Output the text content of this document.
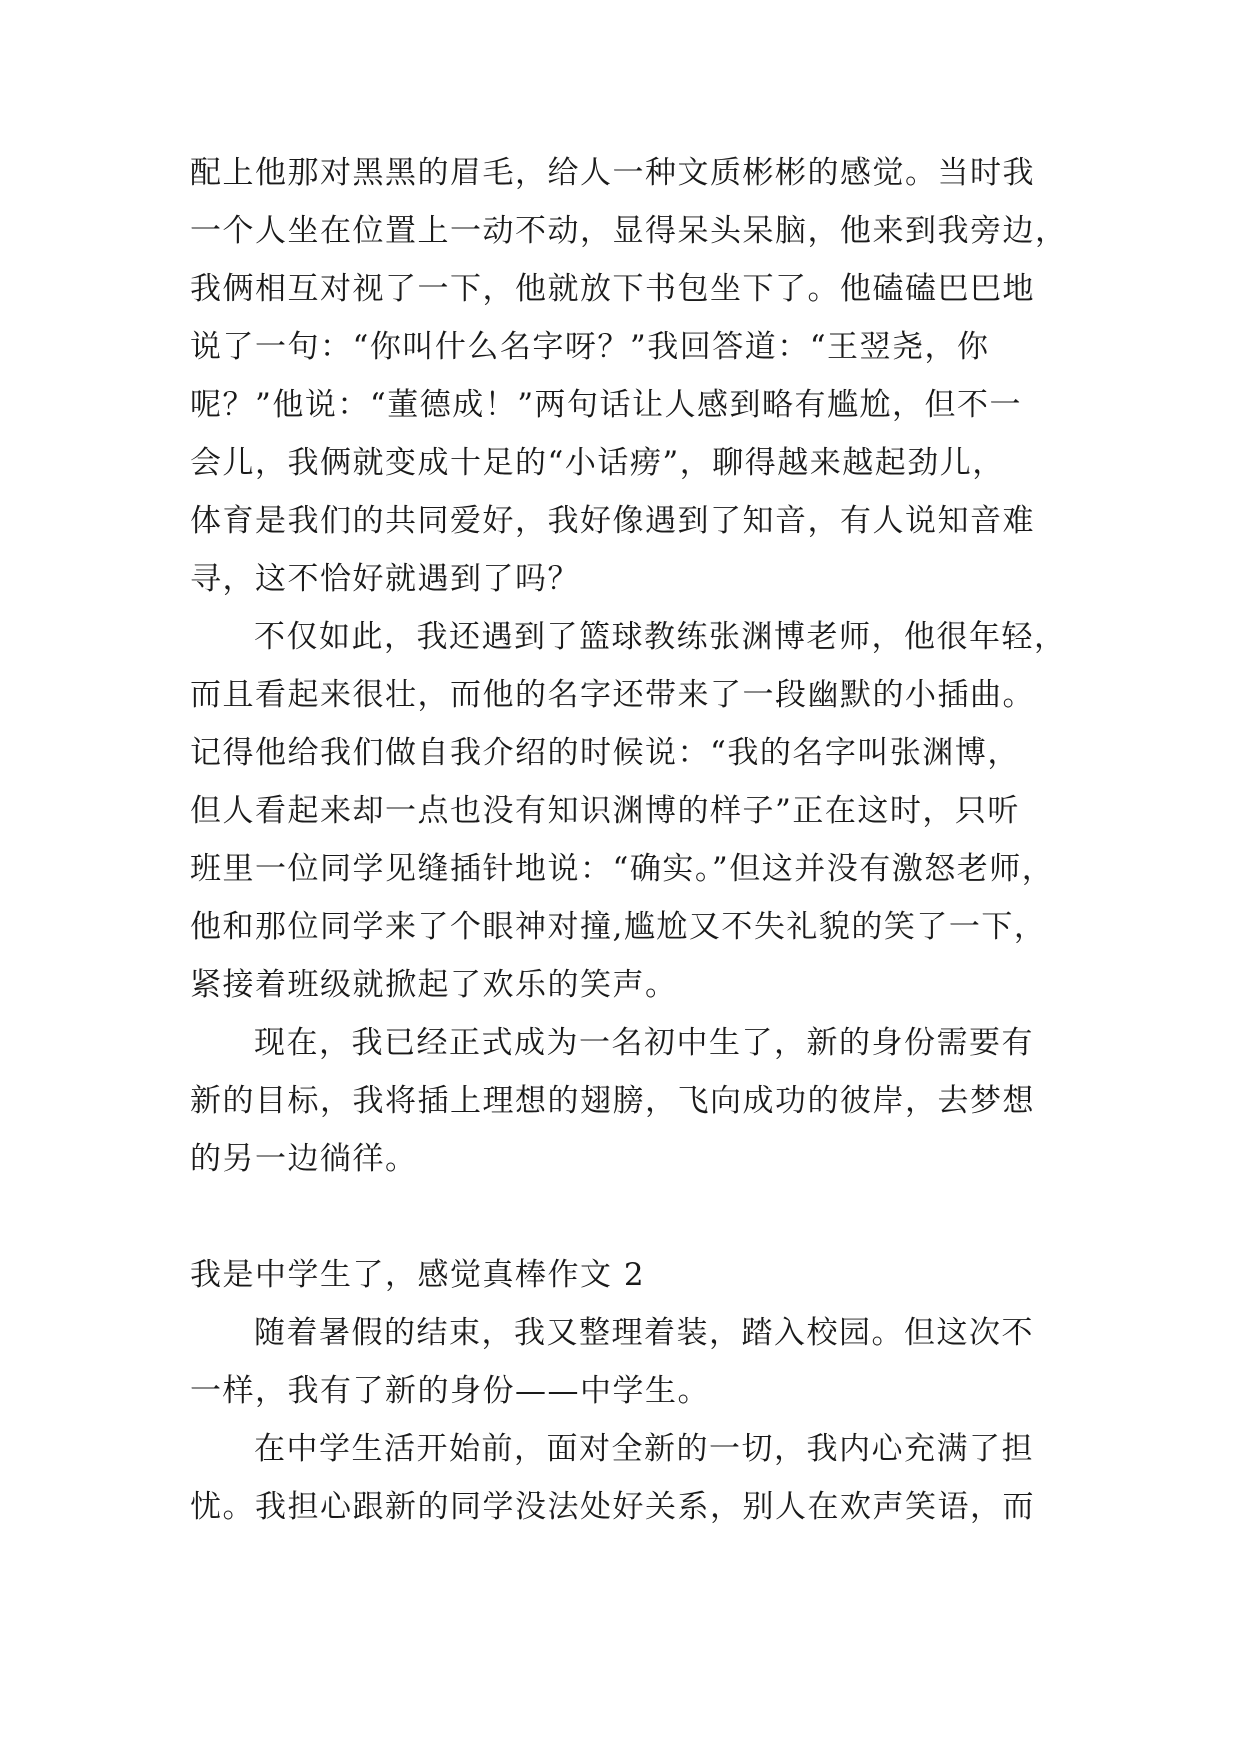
配上他那对黑黑的眉毛，给人一种文质彬彬的感觉。当时我
一个人坐在位置上一动不动，显得呆头呆脑，他来到我旁边，
我俩相互对视了一下，他就放下书包坐下了。他磕磕巴巴地
说了一句：“你叫什么名字呀？”我回答道：“王翌尧，你
呢？”他说：“董德成！”两句话让人感到略有尴尬，但不一
会儿，我俩就变成十足的“小话痨”，聊得越来越起劲儿，
体育是我们的共同爱好，我好像遇到了知音，有人说知音难
寻，这不恰好就遇到了吗？
不仅如此，我还遇到了篮球教练张渊博老师，他很年轻，
而且看起来很壮，而他的名字还带来了一段幽默的小插曲。
记得他给我们做自我介绍的时候说：“我的名字叫张渊博，
但人看起来却一点也没有知识渊博的样子”正在这时，只听
班里一位同学见缝插针地说：“确实。”但这并没有激怒老师，
他和那位同学来了个眼神对撞,尴尬又不失礼貌的笑了一下，
紧接着班级就掀起了欢乐的笑声。
现在，我已经正式成为一名初中生了，新的身份需要有
新的目标，我将插上理想的翅膀，飞向成功的彼岸，去梦想
的另一边徜徉。
我是中学生了，感觉真棒作文 2
随着暑假的结束，我又整理着装，踏入校园。但这次不
一样，我有了新的身份——中学生。
在中学生活开始前，面对全新的一切，我内心充满了担
忧。我担心跟新的同学没法处好关系，别人在欢声笑语，而
